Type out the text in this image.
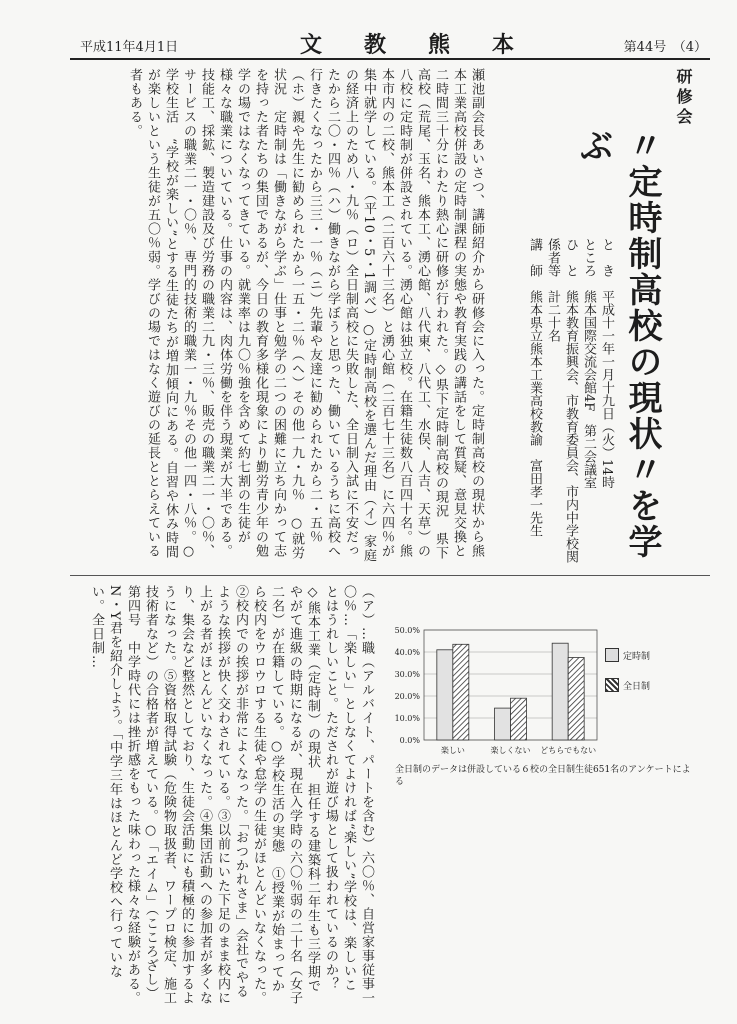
平成11年4月1日	文　教　熊　本	第44号　（4）
研修会
〃定時制高校の現状〃を学ぶ

と　き　平成十一年一月十九日（火）14時

ところ　熊本国際交流会館4F　第二会議室

ひ　と　熊本教育振興会、市教育委員会、市内中学校関係者等　計二十名

講　師　熊本県立熊本工業高校教諭　富田孝一先生

瀬池副会長あいさつ、講師紹介から研修会に入った。定時制高校の現状から熊本工業高校併設の定時制課程の実態や教育実践の講話をして質疑、意見交換と二時間三十分にわたり熱心に研修が行われた。◇県下定時制高校の現況　県下高校（荒尾、玉名、熊本工、湧心館、八代東、八代工、水俣、人吉、天草）の八校に定時制が併設されている。湧心館は独立校。在籍生徒数八百四十名。熊本市内の二校、熊本工（二百六十三名）と湧心館（二百七十三名）に六四％が集中就学している。（平10・5・1調べ）○定時制高校を選んだ理由（イ）家庭の経済上のため八・九％（ロ）全日制高校に失敗した、全日制入試に不安だったから二〇・四％（ハ）働きながら学ぼうと思った、働いているうちに高校へ行きたくなったから三三・一％（ニ）先輩や友達に勧められたから二・五％（ホ）親や先生に勧められたから一五・二％（ヘ）その他一九・九％　○就労状況　定時制は「働きながら学ぶ」仕事と勉学の二つの困難に立ち向かって志を持った者たちの集団であるが、今日の教育多様化現象により勤労青少年の勉学の場ではなくなってきている。就業率は九〇％強を含めて約七割の生徒が様々な職業についている。仕事の内容は、肉体労働を伴う現業が大半である。技能工、採鉱、製造建設及び労務の職業二九・三％、販売の職業二一・〇％、サービスの職業二一・〇％、専門的技術的職業一・九％その他一四・八％。○学校生活　“学校が楽しい”とする生徒たちが増加傾向にある。自習や休み時間が楽しいという生徒が五〇％弱。学びの場ではなく遊びの延長ととらえている者もある。
0.0%
10.0%
20.0%
30.0%
40.0%
50.0%
楽しい	楽しくない どちらでもない
定時制
全日制
全日制のデータは併設している６校の全日制生徒651名のアンケートによる
（ア）…職（アルバイト、パートを含む）六〇％、自営家事従事一〇％…「楽しい」としなくてよければ“楽しい”学校は、楽しいことはうれしいこと。ただされが遊び場として扱われているのか？◇熊本工業（定時制）の現状　担任する建築科二年生も三学期でやがて進級の時期になるが、現在入学時の六〇％弱の二十名（女子二名）が在籍している。○学校生活の実態　①授業が始まってから校内をウロウロする生徒や怠学の生徒がほとんどいなくなった。②校内での挨拶が非常によくなった。「おつかれさま」会社でやるような挨拶が快く交わされている。③以前にいた下足のまま校内に上がる者がほとんどいなくなった。④集団活動への参加者が多くなり、集会など整然としており、生徒会活動にも積極的に参加するようになった。⑤資格取得試験（危険物取扱者、ワープロ検定、施工技術者など）の合格者が増えている。○「エイム」（こころざし）第四号　中学時代には挫折感をもった味わった様々な経験がある。N・Y君を紹介しよう。「中学三年はほとんど学校へ行っていない。全日制…
